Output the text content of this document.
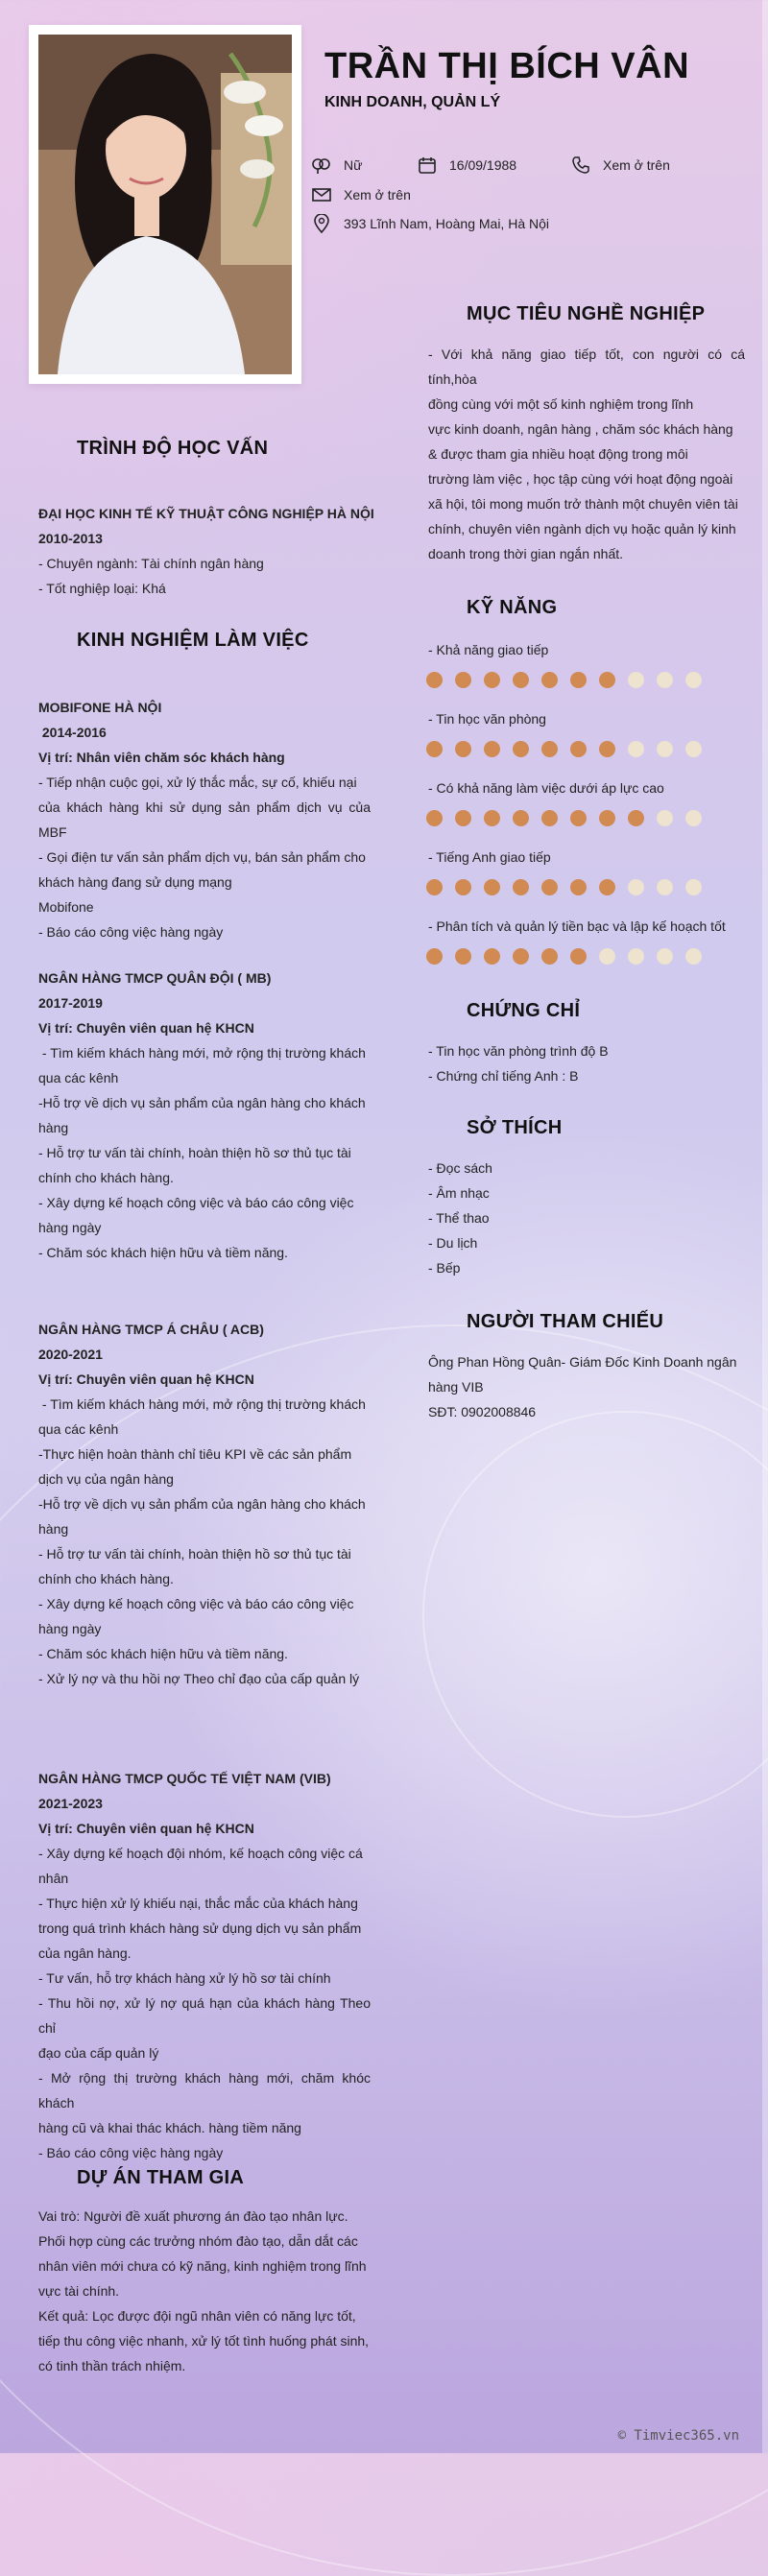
TRẦN THỊ BÍCH VÂN
KINH DOANH, QUẢN LÝ
Nữ	16/09/1988	Xem ở trên
Xem ở trên
393 Lĩnh Nam, Hoàng Mai, Hà Nội
MỤC TIÊU NGHỀ NGHIỆP

- Với khả năng giao tiếp tốt, con người có cá tính,hòa

đồng cùng với một số kinh nghiệm trong lĩnh

vực kinh doanh, ngân hàng , chăm sóc khách hàng

& được tham gia nhiều hoạt động trong môi

trường làm việc , học tập cùng với hoạt động ngoài

xã hội, tôi mong muốn trở thành một chuyên viên tài

chính, chuyên viên ngành dịch vụ hoặc quản lý kinh

doanh trong thời gian ngắn nhất.

TRÌNH ĐỘ HỌC VẤN

ĐẠI HỌC KINH TẾ KỸ THUẬT CÔNG NGHIỆP HÀ NỘI

2010-2013

- Chuyên ngành: Tài chính ngân hàng

- Tốt nghiệp loại: Khá

KINH NGHIỆM LÀM VIỆC

MOBIFONE HÀ NỘI

2014-2016

Vị trí: Nhân viên chăm sóc khách hàng

- Tiếp nhận cuộc gọi, xử lý thắc mắc, sự cố, khiếu nại

của khách hàng khi sử dụng sản phẩm dịch vụ của MBF

- Gọi điện tư vấn sản phẩm dịch vụ, bán sản phẩm cho

khách hàng đang sử dụng mạng

Mobifone

- Báo cáo công việc hàng ngày

NGÂN HÀNG TMCP QUÂN ĐỘI ( MB)

2017-2019

Vị trí: Chuyên viên quan hệ KHCN

- Tìm kiếm khách hàng mới, mở rộng thị trường khách

qua các kênh

-Hỗ trợ về dịch vụ sản phẩm của ngân hàng cho khách

hàng

- Hỗ trợ tư vấn tài chính, hoàn thiện hồ sơ thủ tục tài

chính cho khách hàng.

- Xây dựng kế hoạch công việc và báo cáo công việc

hàng ngày

- Chăm sóc khách hiện hữu và tiềm năng.

NGÂN HÀNG TMCP Á CHÂU ( ACB)

2020-2021

Vị trí: Chuyên viên quan hệ KHCN

- Tìm kiếm khách hàng mới, mở rộng thị trường khách

qua các kênh

-Thực hiện hoàn thành chỉ tiêu KPI về các sản phẩm

dịch vụ của ngân hàng

-Hỗ trợ về dịch vụ sản phẩm của ngân hàng cho khách

hàng

- Hỗ trợ tư vấn tài chính, hoàn thiện hồ sơ thủ tục tài

chính cho khách hàng.

- Xây dựng kế hoạch công việc và báo cáo công việc

hàng ngày

- Chăm sóc khách hiện hữu và tiềm năng.

- Xử lý nợ và thu hồi nợ Theo chỉ đạo của cấp quản lý

NGÂN HÀNG TMCP QUỐC TẾ VIỆT NAM (VIB)

2021-2023

Vị trí: Chuyên viên quan hệ KHCN

- Xây dựng kế hoạch đội nhóm, kế hoạch công việc cá

nhân

- Thực hiện xử lý khiếu nại, thắc mắc của khách hàng

trong quá trình khách hàng sử dụng dịch vụ sản phẩm

của ngân hàng.

- Tư vấn, hỗ trợ khách hàng xử lý hồ sơ tài chính

- Thu hồi nợ, xử lý nợ quá hạn của khách hàng Theo chỉ

đạo của cấp quản lý

- Mở rộng thị trường khách hàng mới, chăm khóc khách

hàng cũ và khai thác khách. hàng tiềm năng

- Báo cáo công việc hàng ngày

DỰ ÁN THAM GIA

Vai trò: Người đề xuất phương án đào tạo nhân lực.

Phối hợp cùng các trưởng nhóm đào tạo, dẫn dắt các

nhân viên mới chưa có kỹ năng, kinh nghiệm trong lĩnh

vực tài chính.

Kết quả: Lọc được đội ngũ nhân viên có năng lực tốt,

tiếp thu công việc nhanh, xử lý tốt tình huống phát sinh,

có tinh thần trách nhiệm.

KỸ NĂNG
- Khả năng giao tiếp
- Tin học văn phòng
- Có khả năng làm việc dưới áp lực cao
- Tiếng Anh giao tiếp
- Phân tích và quản lý tiền bạc và lập kế hoạch tốt
CHỨNG CHỈ

- Tin học văn phòng trình độ B

- Chứng chỉ tiếng Anh : B

SỞ THÍCH

- Đọc sách

- Âm nhạc

- Thể thao

- Du lịch

- Bếp

NGƯỜI THAM CHIẾU

Ông Phan Hồng Quân- Giám Đốc Kinh Doanh ngân

hàng VIB

SĐT: 0902008846

© Timviec365.vn
